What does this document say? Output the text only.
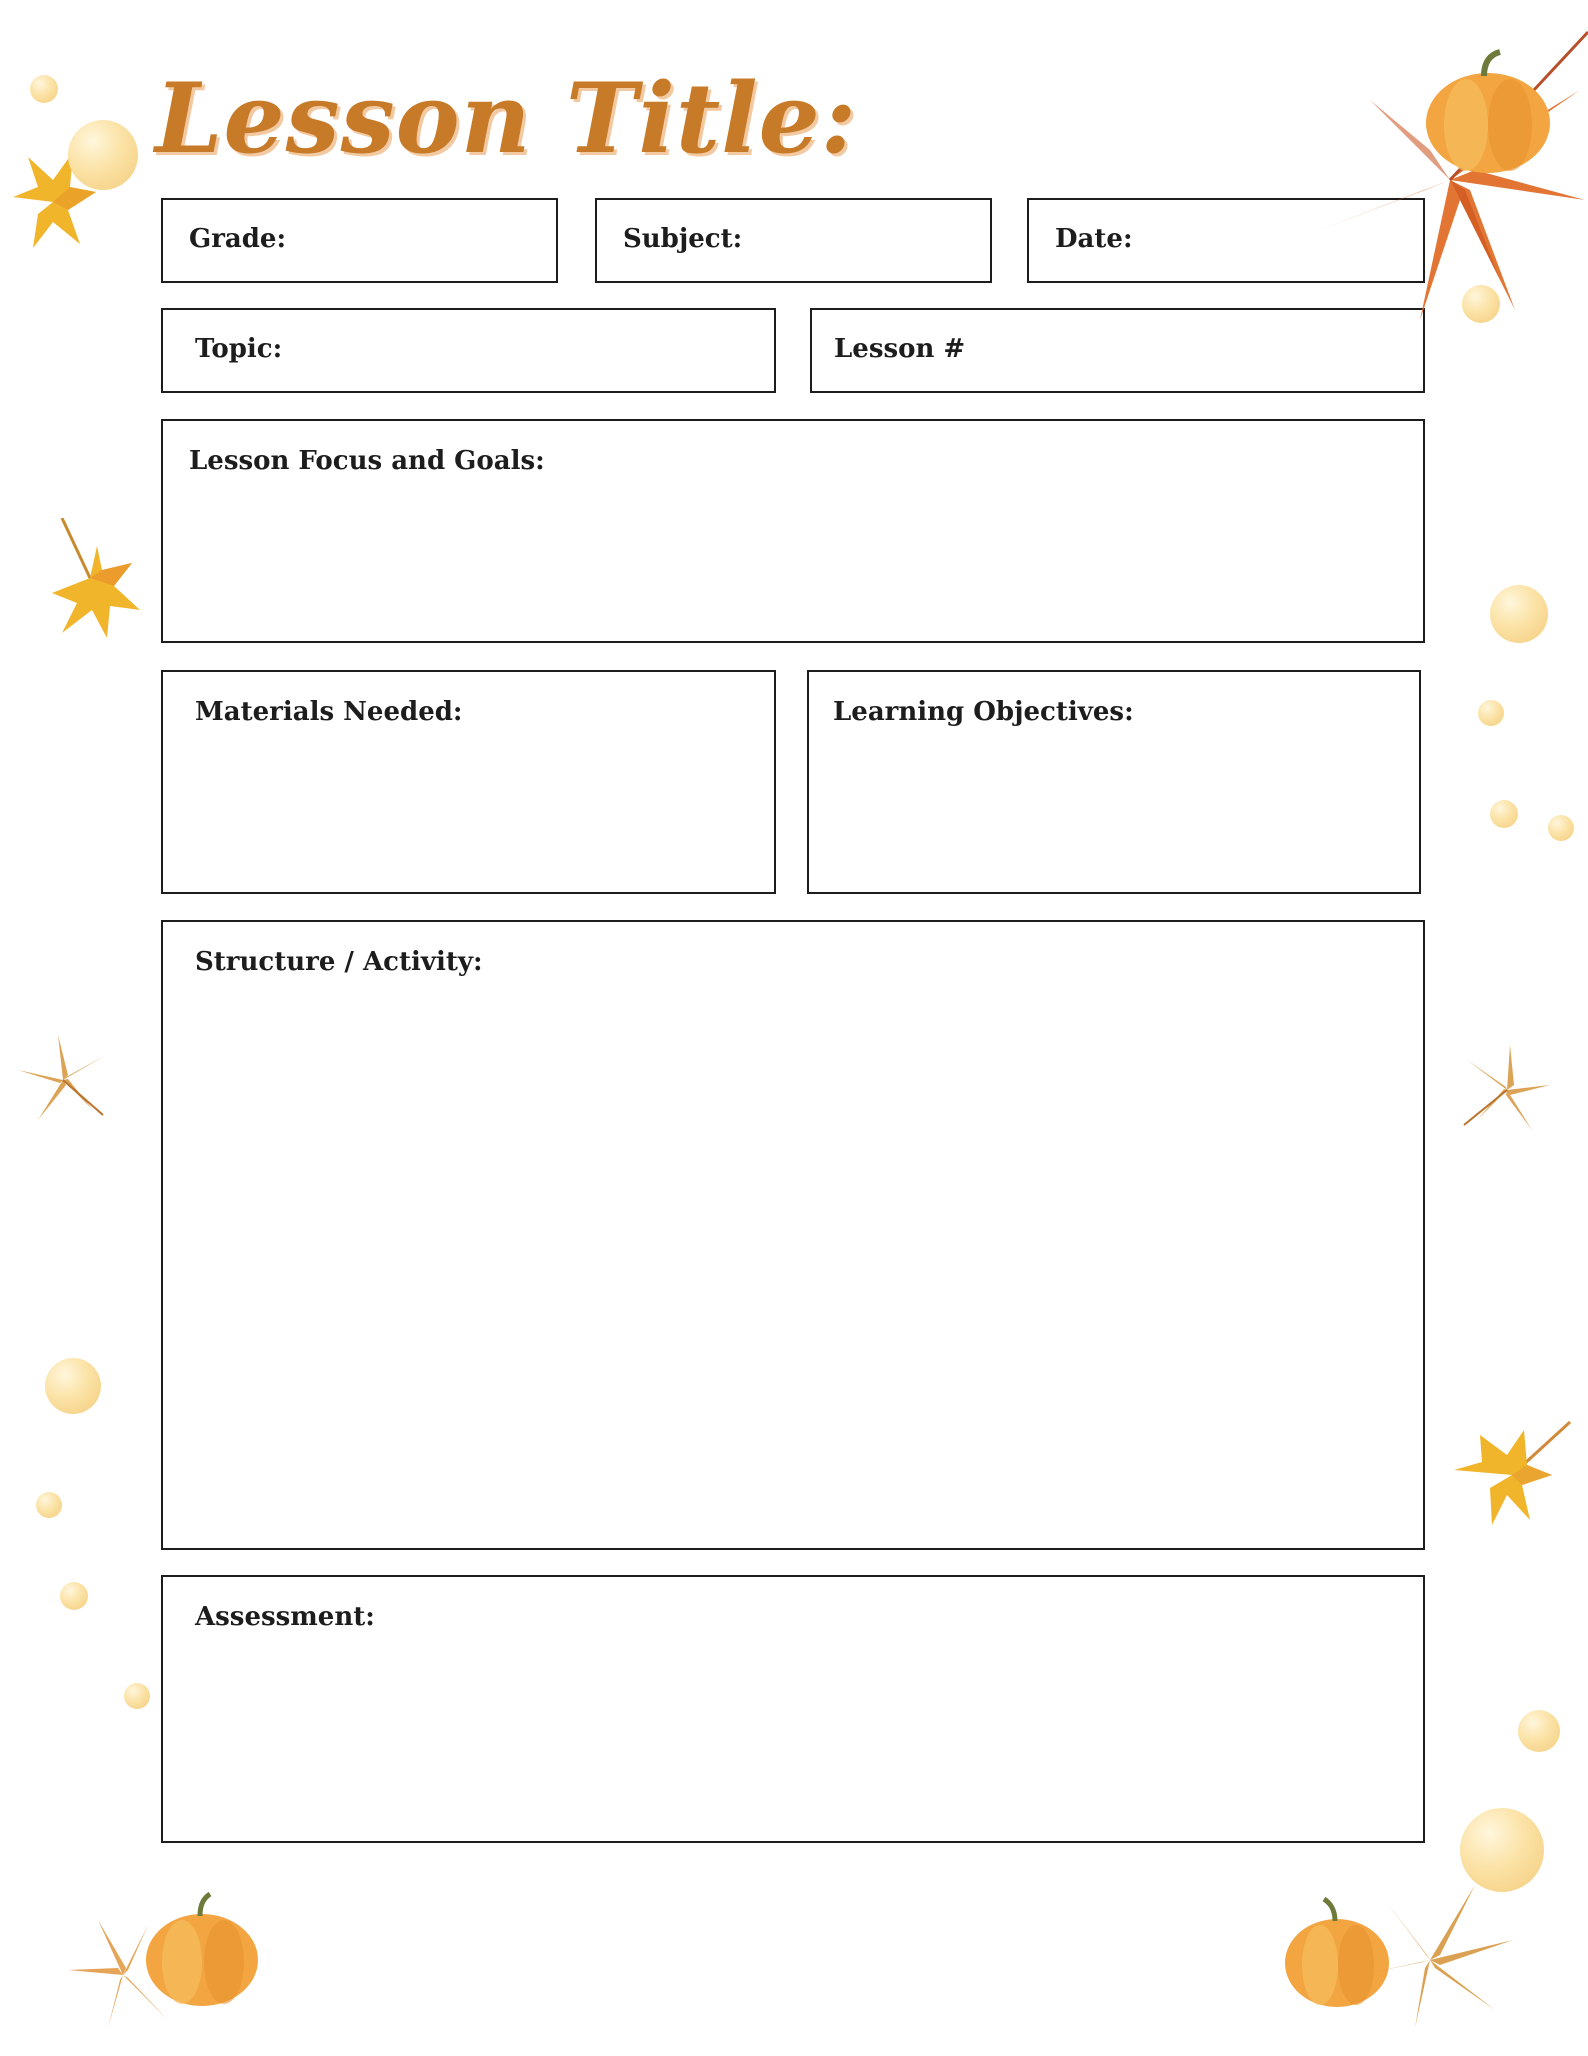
Lesson Title:
Grade:	Subject:	Date:
Topic:	Lesson #
Lesson Focus and Goals:
Materials Needed:	Learning Objectives:
Structure / Activity:
Assessment:
